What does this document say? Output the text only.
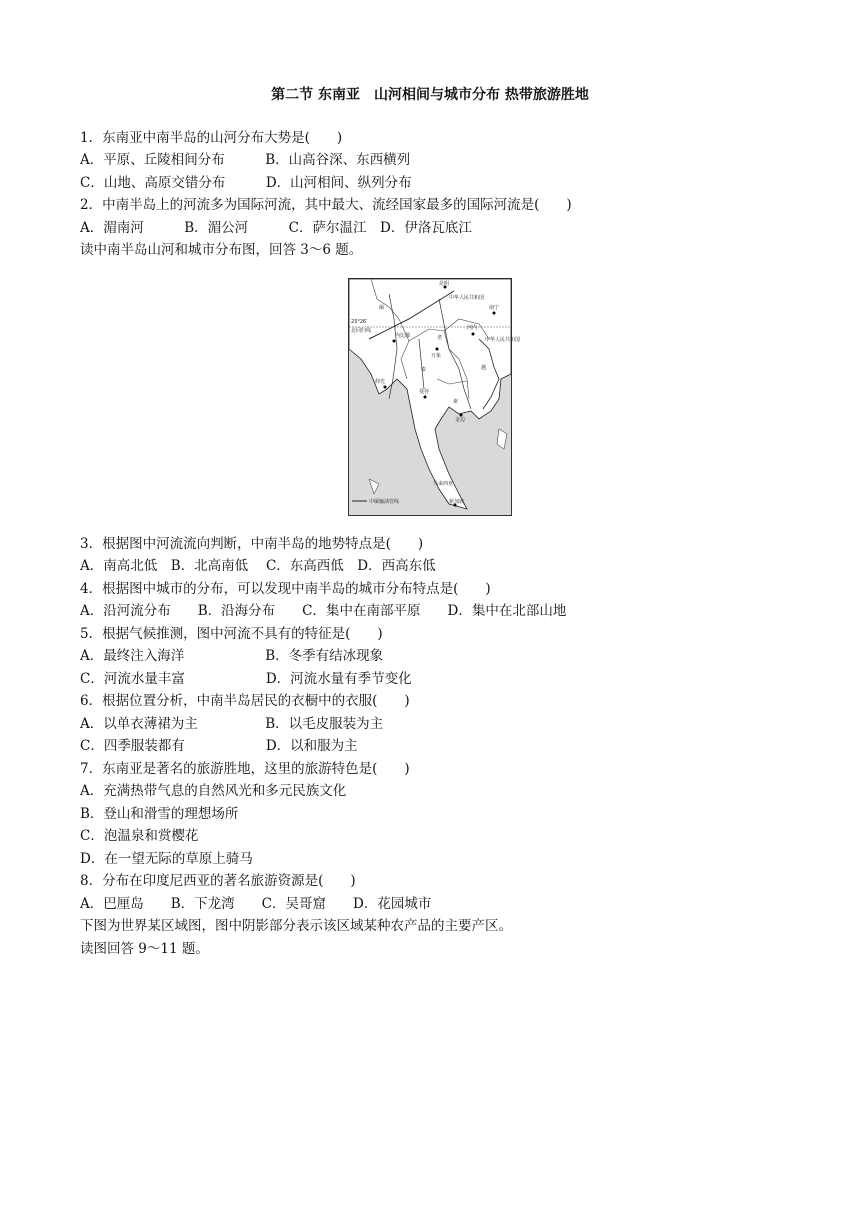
第二节 东南亚　山河相间与城市分布 热带旅游胜地
1．东南亚中南半岛的山河分布大势是(　　)
A．平原、丘陵相间分布　　　B．山高谷深、东西横列
C．山地、高原交错分布　　　D．山河相间、纵列分布
2．中南半岛上的河流多为国际河流，其中最大、流经国家最多的国际河流是(　　)
A．湄南河　　　B．湄公河　　　C．萨尔温江　D．伊洛瓦底江
读中南半岛山河和城市分布图，回答 3～6 题。
昆明
中华人民共和国
南宁
河内
中华人民共和国
23°26′
北回归线
万象
内比都
曼谷
金边
仰光
马来西亚
新加坡
老
缅
泰	越
柬
中缅输油管线
3．根据图中河流流向判断，中南半岛的地势特点是(　　)
A．南高北低　B．北高南低　 C．东高西低　D．西高东低
4．根据图中城市的分布，可以发现中南半岛的城市分布特点是(　　)
A．沿河流分布　　B．沿海分布　　C．集中在南部平原　　D．集中在北部山地
5．根据气候推测，图中河流不具有的特征是(　　)
A．最终注入海洋　　　　　　B．冬季有结冰现象
C．河流水量丰富　　　　　　D．河流水量有季节变化
6．根据位置分析，中南半岛居民的衣橱中的衣服(　　)
A．以单衣薄裙为主　　　　　B．以毛皮服装为主
C．四季服装都有　　　　　　D．以和服为主
7．东南亚是著名的旅游胜地，这里的旅游特色是(　　)
A．充满热带气息的自然风光和多元民族文化
B．登山和滑雪的理想场所
C．泡温泉和赏樱花
D．在一望无际的草原上骑马
8．分布在印度尼西亚的著名旅游资源是(　　)
A．巴厘岛　　B．下龙湾　　C．吴哥窟　　D．花园城市
下图为世界某区域图，图中阴影部分表示该区域某种农产品的主要产区。
读图回答 9～11 题。
